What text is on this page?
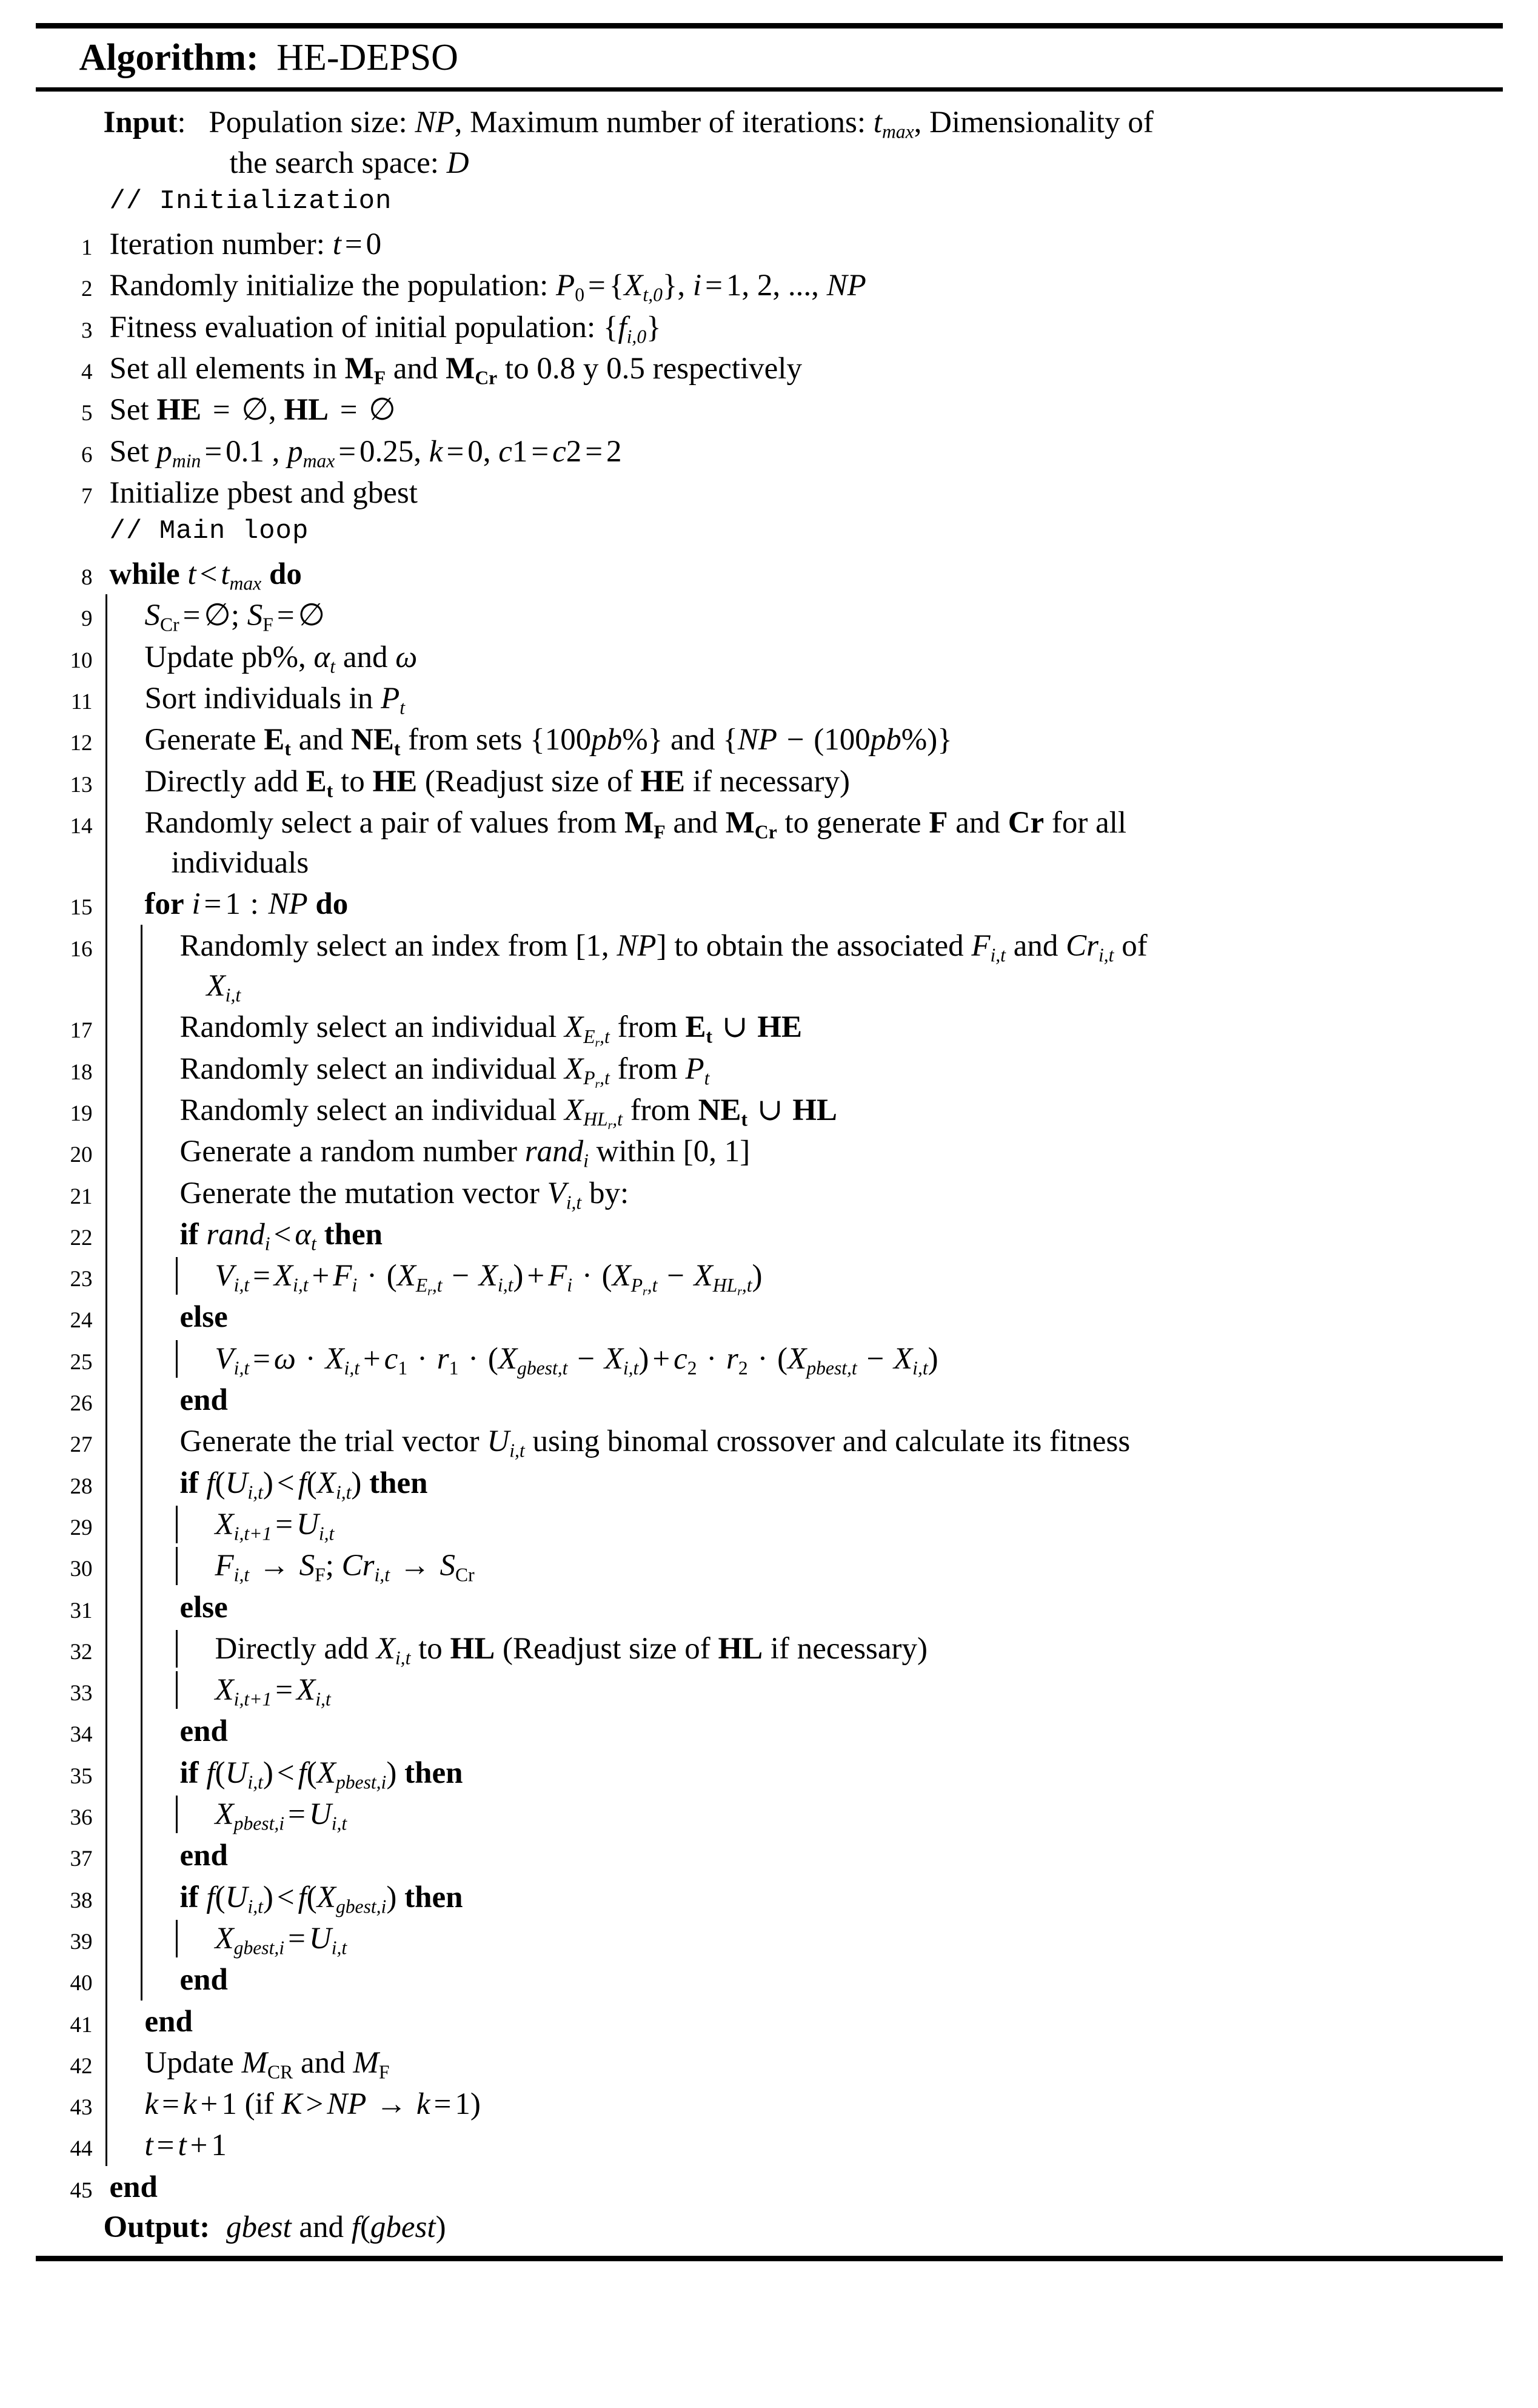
Algorithm: HE-DEPSO
Input : Population size: NP, Maximum number of iterations: $t_{max}$, Dimensionality of
the search space: D
// Initialization
1 Iteration number: t = 0
2 Randomly initialize the population: $P_0 = \{X_{t,0}\}$, i = 1, 2, ..., NP
3 Fitness evaluation of initial population: $\{f_{i,0}\}$
4 Set all elements in $M_F$ and $M_{Cr}$ to 0.8 y 0.5 respectively
5 Set HE = ∅, HL = ∅
6 Set $p_{min} = 0.1$ , $p_{max} = 0.25$, k = 0, c1 = c2 = 2
7 Initialize pbest and gbest
// Main loop
8 while $t < t_{max}$ do
9	$S_{Cr}$ = ∅; $S_F$ = ∅
10	Update pb%, $\alpha_t$ and ω
11	Sort individuals in $P_t$
12	Generate $E_t$ and $NE_t$ from sets {100pb%} and {NP − (100pb%)}
13	Directly add $E_t$ to HE (Readjust size of HE if necessary)
14	Randomly select a pair of values from $M_F$ and $M_{Cr}$ to generate F and Cr for all

individuals
15	for i = 1 : NP do
16	Randomly select an index from [1, NP] to obtain the associated $F_{i,t}$ and $Cr_{i,t}$ of

$X_{i,t}$
17	Randomly select an individual $X_{E_r,t}$ from $E_t$ ∪ HE
18	Randomly select an individual $X_{P_r,t}$ from $P_t$
19	Randomly select an individual $X_{HL_r,t}$ from $NE_t$ ∪ HL
20	Generate a random number rand$_i$ within [0, 1]
21	Generate the mutation vector $V_{i,t}$ by:
22	if rand$_i$ < $\alpha_t$ then
23	$V_{i,t} = X_{i,t} + F_i \cdot (X_{E_r,t} - X_{i,t}) + F_i \cdot (X_{P_r,t} - X_{HL_r,t})$
24	else
25	$V_{i,t} = \omega \cdot X_{i,t} + c_1 \cdot r_1 \cdot (X_{gbest,t} - X_{i,t}) + c_2 \cdot r_2 \cdot (X_{pbest,t} - X_{i,t})$
26	end
27	Generate the trial vector $U_{i,t}$ using binomal crossover and calculate its fitness
28	if $f(U_{i,t}) < f(X_{i,t})$ then
29	$X_{i,t+1} = U_{i,t}$
30	$F_{i,t} \to S_F$; $Cr_{i,t} \to S_{Cr}$
31	else
32	Directly add $X_{i,t}$ to HL (Readjust size of HL if necessary)
33	$X_{i,t+1} = X_{i,t}$
34	end
35	if $f(U_{i,t}) < f(X_{pbest,i})$ then
36	$X_{pbest,i} = U_{i,t}$
37	end
38	if $f(U_{i,t}) < f(X_{gbest,i})$ then
39	$X_{gbest,i} = U_{i,t}$
40	end
41	end
42	Update $M_{CR}$ and $M_F$
43	k = k + 1 (if K > NP → k = 1)
44	t = t + 1
45 end
Output: gbest and f(gbest)
